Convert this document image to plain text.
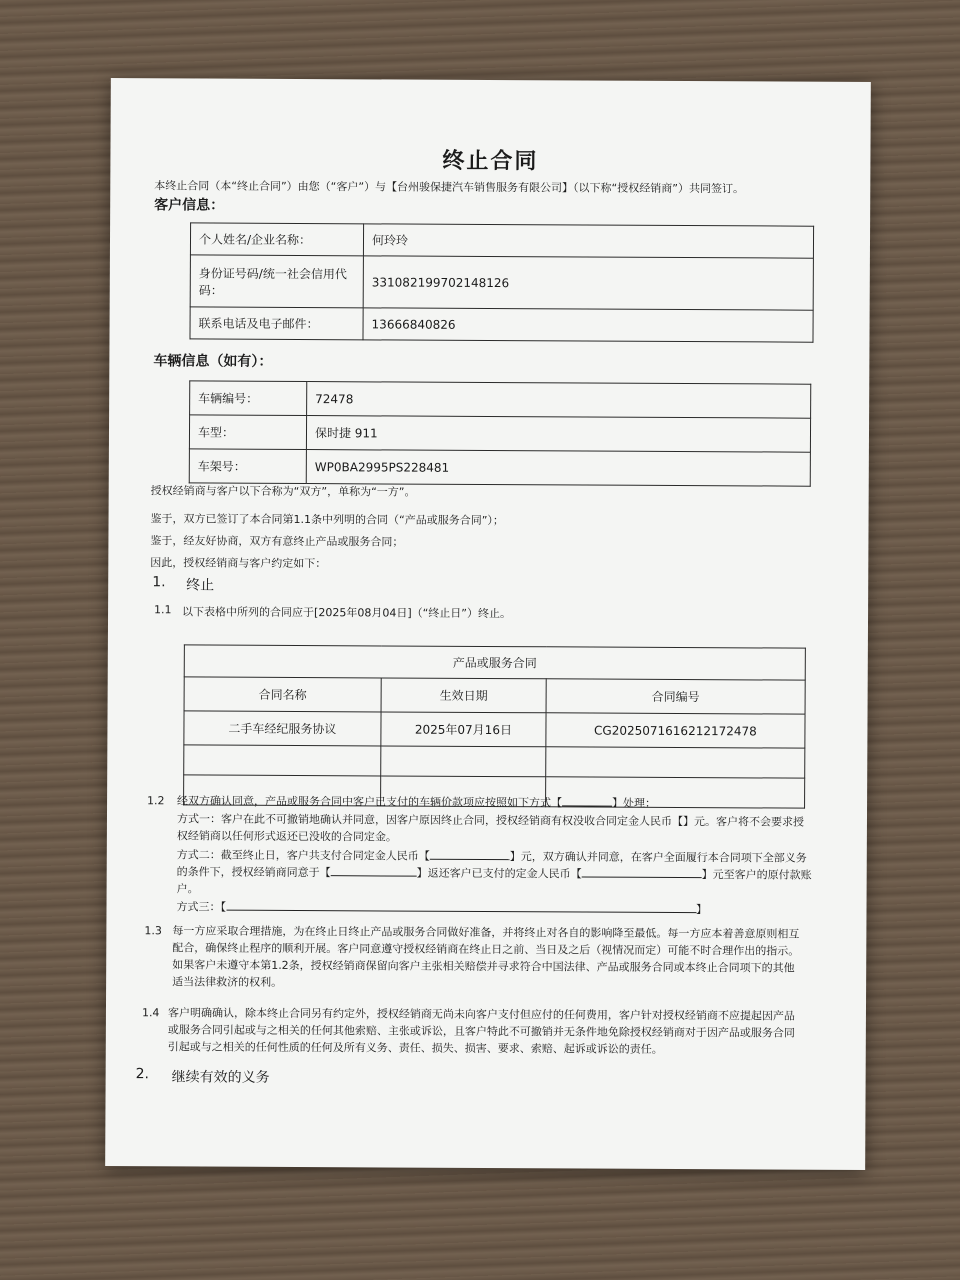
终止合同
本终止合同（本“终止合同”）由您（“客户”）与【台州骏保捷汽车销售服务有限公司】（以下称“授权经销商”）共同签订。
客户信息：
个人姓名/企业名称：	何玲玲
身份证号码/统一社会信用代码：	331082199702148126
联系电话及电子邮件：	13666840826
车辆信息（如有）：
车辆编号：	72478
车型：	保时捷 911
车架号：	WP0BA2995PS228481
授权经销商与客户以下合称为“双方”，单称为“一方”。
鉴于，双方已签订了本合同第1.1条中列明的合同（“产品或服务合同”）；
鉴于，经友好协商，双方有意终止产品或服务合同；
因此，授权经销商与客户约定如下：
1. 终止
1.1 以下表格中所列的合同应于[2025年08月04日]（“终止日”）终止。
产品或服务合同		
合同名称	生效日期	合同编号
二手车经纪服务协议	2025年07月16日	CG2025071616212172478

1.2 经双方确认同意，产品或服务合同中客户已支付的车辆价款项应按照如下方式【	】处理：
方式一：客户在此不可撤销地确认并同意，因客户原因终止合同，授权经销商有权没收合同定金人民币【】元。客户将不会要求授
权经销商以任何形式返还已没收的合同定金。
方式二：截至终止日，客户共支付合同定金人民币【	】元，双方确认并同意，在客户全面履行本合同项下全部义务
的条件下，授权经销商同意于【	】返还客户已支付的定金人民币【	】元至客户的原付款账
户。
方式三：【	】
1.3 每一方应采取合理措施，为在终止日终止产品或服务合同做好准备，并将终止对各自的影响降至最低。每一方应本着善意原则相互
配合，确保终止程序的顺利开展。客户同意遵守授权经销商在终止日之前、当日及之后（视情况而定）可能不时合理作出的指示。
如果客户未遵守本第1.2条，授权经销商保留向客户主张相关赔偿并寻求符合中国法律、产品或服务合同或本终止合同项下的其他
适当法律救济的权利。
1.4 客户明确确认，除本终止合同另有约定外，授权经销商无尚未向客户支付但应付的任何费用，客户针对授权经销商不应提起因产品
或服务合同引起或与之相关的任何其他索赔、主张或诉讼，且客户特此不可撤销并无条件地免除授权经销商对于因产品或服务合同
引起或与之相关的任何性质的任何及所有义务、责任、损失、损害、要求、索赔、起诉或诉讼的责任。
2. 继续有效的义务
